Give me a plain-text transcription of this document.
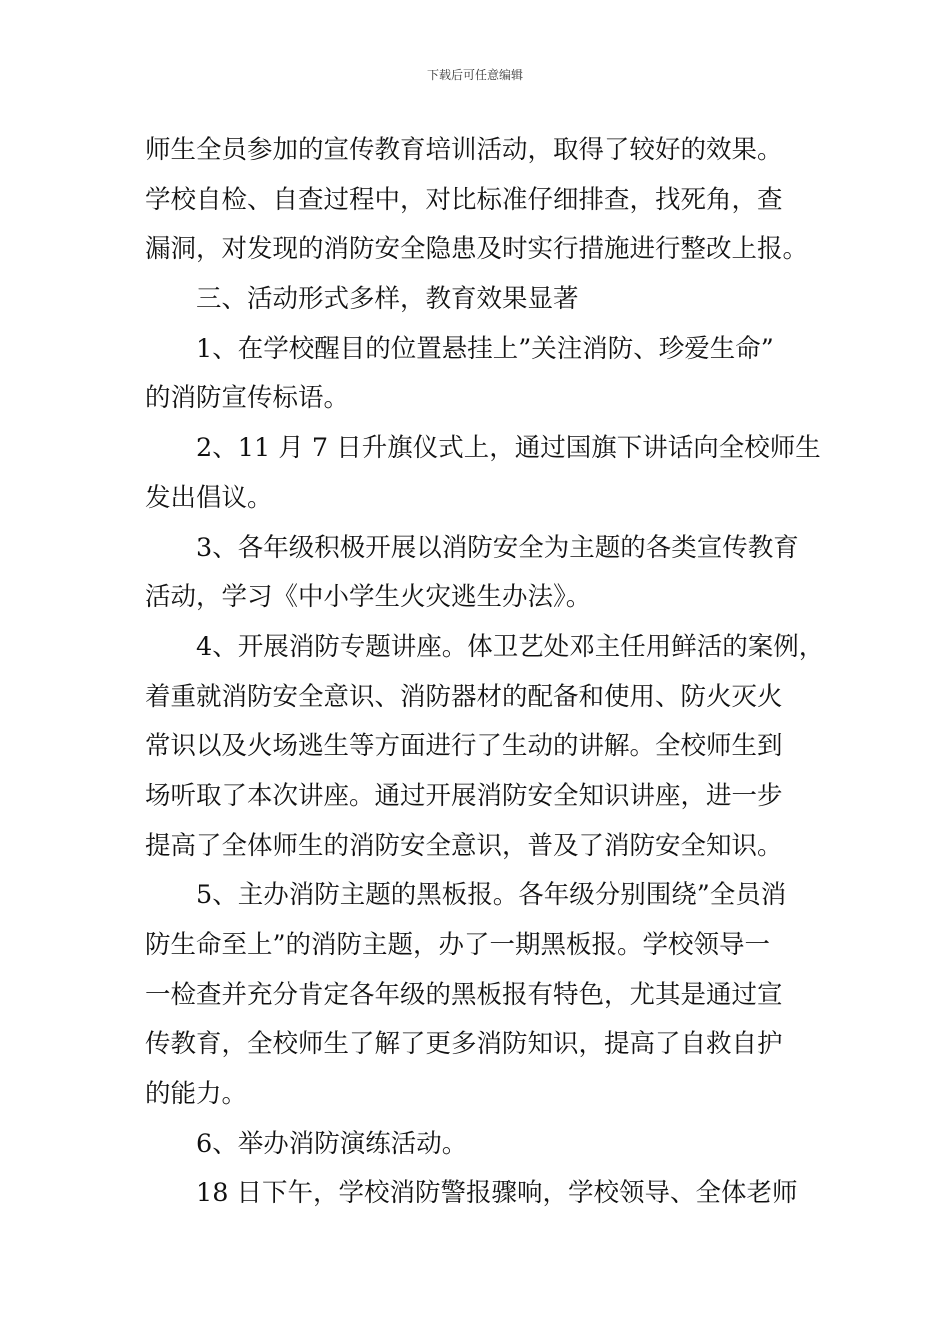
下载后可任意编辑
师生全员参加的宣传教育培训活动，取得了较好的效果。
学校自检、自查过程中，对比标准仔细排查，找死角，查
漏洞，对发现的消防安全隐患及时实行措施进行整改上报。
三、活动形式多样，教育效果显著
1、在学校醒目的位置悬挂上”关注消防、珍爱生命”
的消防宣传标语。
2、11 月 7 日升旗仪式上，通过国旗下讲话向全校师生
发出倡议。
3、各年级积极开展以消防安全为主题的各类宣传教育
活动，学习《中小学生火灾逃生办法》。
4、开展消防专题讲座。体卫艺处邓主任用鲜活的案例，
着重就消防安全意识、消防器材的配备和使用、防火灭火
常识以及火场逃生等方面进行了生动的讲解。全校师生到
场听取了本次讲座。通过开展消防安全知识讲座，进一步
提高了全体师生的消防安全意识，普及了消防安全知识。
5、主办消防主题的黑板报。各年级分别围绕”全员消
防生命至上”的消防主题，办了一期黑板报。学校领导一
一检查并充分肯定各年级的黑板报有特色，尤其是通过宣
传教育，全校师生了解了更多消防知识，提高了自救自护
的能力。
6、举办消防演练活动。
18 日下午，学校消防警报骤响，学校领导、全体老师
